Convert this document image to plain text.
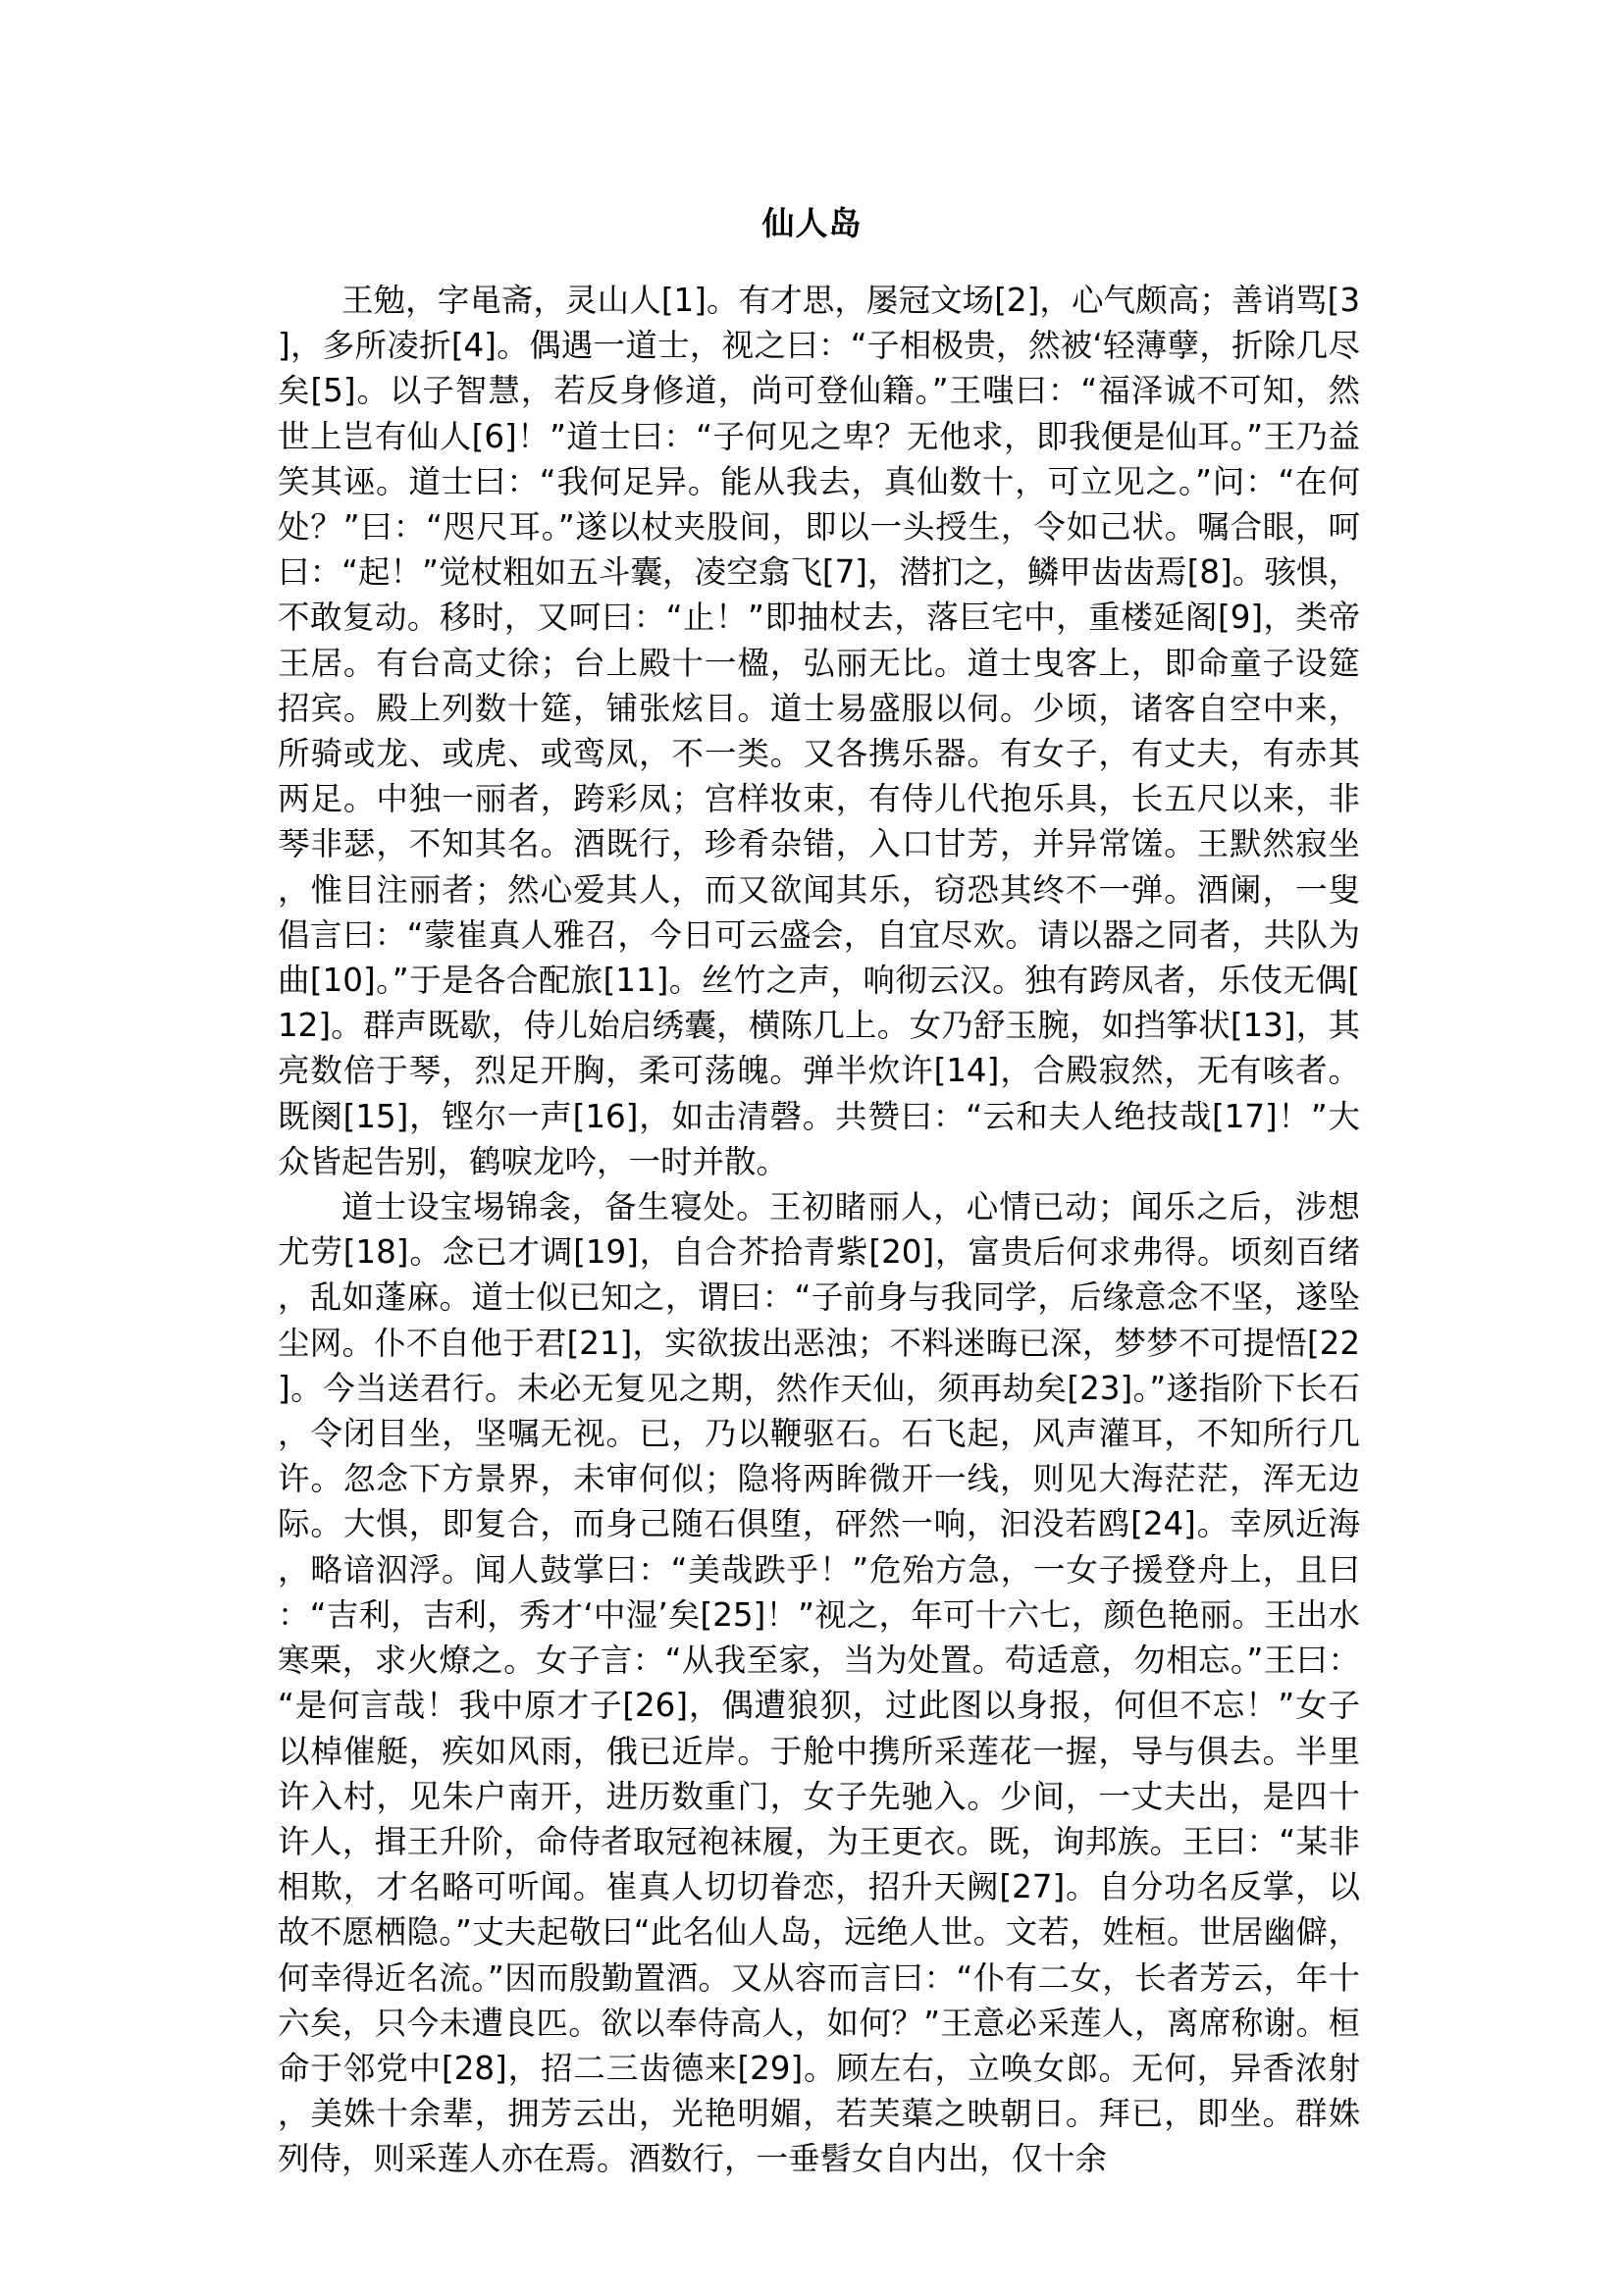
仙人岛

王勉，字黾斋，灵山人[1]。有才思，屡冠文场[2]，心气颇高；善诮骂[3]，多所凌折[4]。偶遇一道士，视之曰：“子相极贵，然被‘轻薄孽，折除几尽矣[5]。以子智慧，若反身修道，尚可登仙籍。”王嗤曰：“福泽诚不可知，然世上岂有仙人[6]！”道士曰：“子何见之卑？无他求，即我便是仙耳。”王乃益笑其诬。道士曰：“我何足异。能从我去，真仙数十，可立见之。”问：“在何处？”曰：“咫尺耳。”遂以杖夹股间，即以一头授生，令如己状。嘱合眼，呵曰：“起！”觉杖粗如五斗囊，凌空翕飞[7]，潜扪之，鳞甲齿齿焉[8]。骇惧，不敢复动。移时，又呵曰：“止！”即抽杖去，落巨宅中，重楼延阁[9]，类帝王居。有台高丈徐；台上殿十一楹，弘丽无比。道士曳客上，即命童子设筵招宾。殿上列数十筵，铺张炫目。道士易盛服以伺。少顷，诸客自空中来，所骑或龙、或虎、或鸾凤，不一类。又各携乐器。有女子，有丈夫，有赤其两足。中独一丽者，跨彩凤；宫样妆束，有侍儿代抱乐具，长五尺以来，非琴非瑟，不知其名。酒既行，珍肴杂错，入口甘芳，并异常馐。王默然寂坐，惟目注丽者；然心爱其人，而又欲闻其乐，窃恐其终不一弹。酒阑，一叟倡言曰：“蒙崔真人雅召，今日可云盛会，自宜尽欢。请以器之同者，共队为曲[10]。”于是各合配旅[11]。丝竹之声，响彻云汉。独有跨凤者，乐伎无偶[12]。群声既歇，侍儿始启绣囊，横陈几上。女乃舒玉腕，如挡筝状[13]，其亮数倍于琴，烈足开胸，柔可荡魄。弹半炊许[14]，合殿寂然，无有咳者。既阕[15]，铿尔一声[16]，如击清磬。共赞曰：“云和夫人绝技哉[17]！”大众皆起告别，鹤唳龙吟，一时并散。

道士设宝埸锦衾，备生寝处。王初睹丽人，心情已动；闻乐之后，涉想尤劳[18]。念已才调[19]，自合芥拾青紫[20]，富贵后何求弗得。顷刻百绪，乱如蓬麻。道士似已知之，谓曰：“子前身与我同学，后缘意念不坚，遂坠尘网。仆不自他于君[21]，实欲拔出恶浊；不料迷晦已深，梦梦不可提悟[22]。今当送君行。未必无复见之期，然作天仙，须再劫矣[23]。”遂指阶下长石，令闭目坐，坚嘱无视。已，乃以鞭驱石。石飞起，风声灌耳，不知所行几许。忽念下方景界，未审何似；隐将两眸微开一线，则见大海茫茫，浑无边际。大惧，即复合，而身己随石俱堕，砰然一响，汩没若鸥[24]。幸夙近海，略谙泅浮。闻人鼓掌曰：“美哉跌乎！”危殆方急，一女子援登舟上，且曰：“吉利，吉利，秀才‘中湿’矣[25]！”视之，年可十六七，颜色艳丽。王出水寒栗，求火燎之。女子言：“从我至家，当为处置。苟适意，勿相忘。”王曰：“是何言哉！我中原才子[26]，偶遭狼狈，过此图以身报，何但不忘！”女子以棹催艇，疾如风雨，俄已近岸。于舱中携所采莲花一握，导与俱去。半里许入村，见朱户南开，进历数重门，女子先驰入。少间，一丈夫出，是四十许人，揖王升阶，命侍者取冠袍袜履，为王更衣。既，询邦族。王曰：“某非相欺，才名略可听闻。崔真人切切眷恋，招升天阙[27]。自分功名反掌，以故不愿栖隐。”丈夫起敬曰“此名仙人岛，远绝人世。文若，姓桓。世居幽僻，何幸得近名流。”因而殷勤置酒。又从容而言曰：“仆有二女，长者芳云，年十六矣，只今未遭良匹。欲以奉侍高人，如何？”王意必采莲人，离席称谢。桓命于邻党中[28]，招二三齿德来[29]。顾左右，立唤女郎。无何，异香浓射，美姝十余辈，拥芳云出，光艳明媚，若芙蕖之映朝日。拜已，即坐。群姝列侍，则采莲人亦在焉。酒数行，一垂髫女自内出，仅十余
